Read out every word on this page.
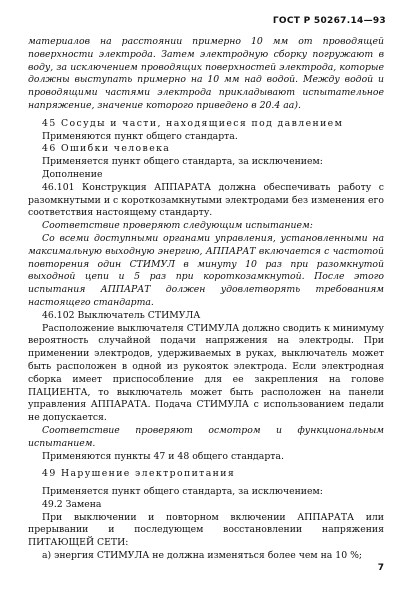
ГОСТ Р 50267.14—93

материалов на расстоянии примерно 10 мм от проводящей поверхности электрода. Затем электродную сборку погружают в воду, за исключением проводящих поверхностей электрода, которые должны выступать примерно на 10 мм над водой. Между водой и проводящими частями электрода прикладывают испытательное напряжение, значение которого приведено в 20.4 аа).

45 Сосуды и части, находящиеся под давлением

Применяются пункт общего стандарта.

46 Ошибки человека

Применяется пункт общего стандарта, за исключением:

Дополнение

46.101 Конструкция АППАРАТА должна обеспечивать работу с разомкнутыми и с короткозамкнутыми электродами без изменения его соответствия настоящему стандарту.

Соответствие проверяют следующим испытанием:

Со всеми доступными органами управления, установленными на максимальную выходную энергию, АППАРАТ включается с частотой повторения один СТИМУЛ в минуту 10 раз при разомкнутой выходной цепи и 5 раз при короткозамкнутой. После этого испытания АППАРАТ должен удовлетворять требованиям настоящего стандарта.

46.102 Выключатель СТИМУЛА

Расположение выключателя СТИМУЛА должно сводить к минимуму вероятность случайной подачи напряжения на электроды. При применении электродов, удерживаемых в руках, выключатель может быть расположен в одной из рукояток электрода. Если электродная сборка имеет приспособление для ее закрепления на голове ПАЦИЕНТА, то выключатель может быть расположен на панели управления АППАРАТА. Подача СТИМУЛА с использованием педали не допускается.

Соответствие проверяют осмотром и функциональным испытанием.

Применяются пункты 47 и 48 общего стандарта.

49 Нарушение электропитания

Применяется пункт общего стандарта, за исключением:

49.2 Замена

При выключении и повторном включении АППАРАТА или прерывании и последующем восстановлении напряжения ПИТАЮЩЕЙ СЕТИ:

а) энергия СТИМУЛА не должна изменяться более чем на 10 %;

7
